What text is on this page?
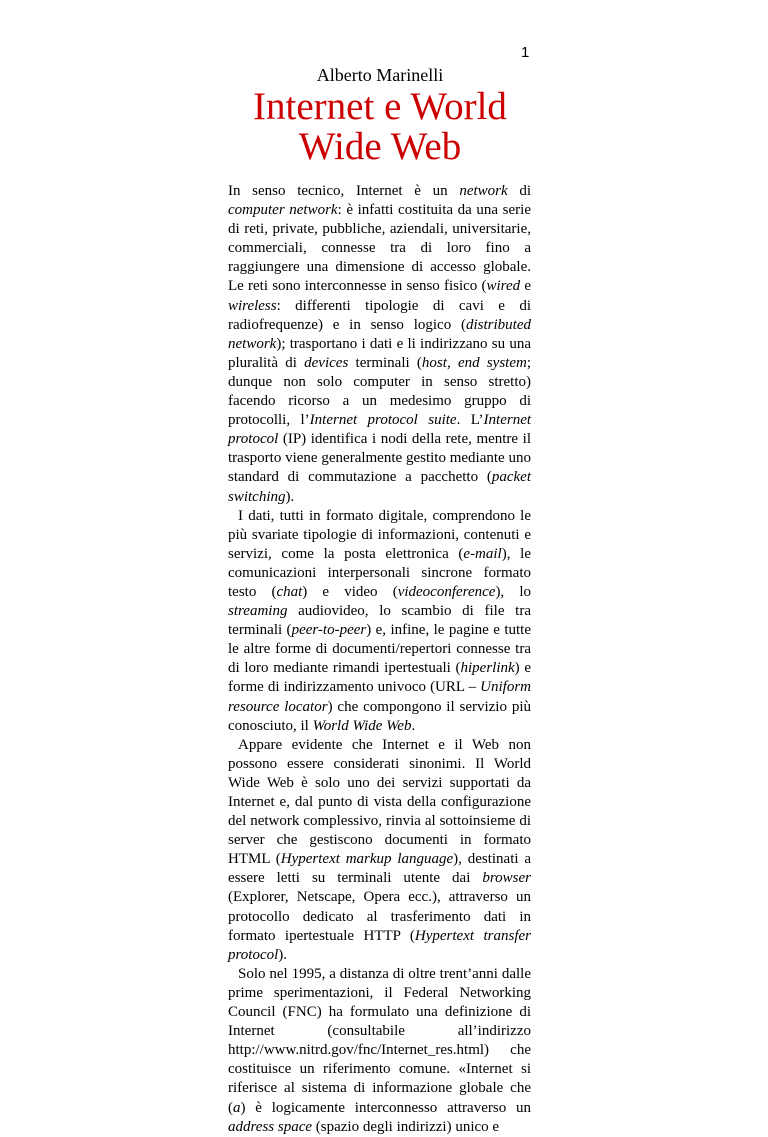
1
Alberto Marinelli
Internet e World
Wide Web

In senso tecnico, Internet è un network di computer network: è infatti costituita da una serie di reti, private, pubbliche, aziendali, universitarie, commerciali, connesse tra di loro fino a raggiungere una dimensione di accesso globale. Le reti sono interconnesse in senso fisico (wired e wireless: differenti tipologie di cavi e di radiofrequenze) e in senso logico (distributed network); trasportano i dati e li indirizzano su una pluralità di devices terminali (host, end system; dunque non solo computer in senso stretto) facendo ricorso a un medesimo gruppo di protocolli, l’Internet protocol suite. L’Internet protocol (IP) identifica i nodi della rete, mentre il trasporto viene generalmente gestito mediante uno standard di commutazione a pacchetto (packet switching).

I dati, tutti in formato digitale, comprendono le più svariate tipologie di informazioni, contenuti e servizi, come la posta elettronica (e-mail), le comunicazioni interpersonali sincrone formato testo (chat) e video (videoconference), lo streaming audiovideo, lo scambio di file tra terminali (peer-to-peer) e, infine, le pagine e tutte le altre forme di documenti/repertori connesse tra di loro mediante rimandi ipertestuali (hiperlink) e forme di indirizzamento univoco (URL – Uniform resource locator) che compongono il servizio più conosciuto, il World Wide Web.

Appare evidente che Internet e il Web non possono essere considerati sinonimi. Il World Wide Web è solo uno dei servizi supportati da Internet e, dal punto di vista della configurazione del network complessivo, rinvia al sottoinsieme di server che gestiscono documenti in formato HTML (Hypertext markup language), destinati a essere letti su terminali utente dai browser (Explorer, Netscape, Opera ecc.), attraverso un protocollo dedicato al trasferimento dati in formato ipertestuale HTTP (Hypertext transfer protocol).

Solo nel 1995, a distanza di oltre trent’anni dalle prime sperimentazioni, il Federal Networking Council (FNC) ha formulato una definizione di Internet (consultabile all’indirizzo http://www.nitrd.gov/fnc/Internet_res.html) che costituisce un riferimento comune. «Internet si riferisce al sistema di informazione globale che (a) è logicamente interconnesso attraverso un address space (spazio degli indirizzi) unico e
